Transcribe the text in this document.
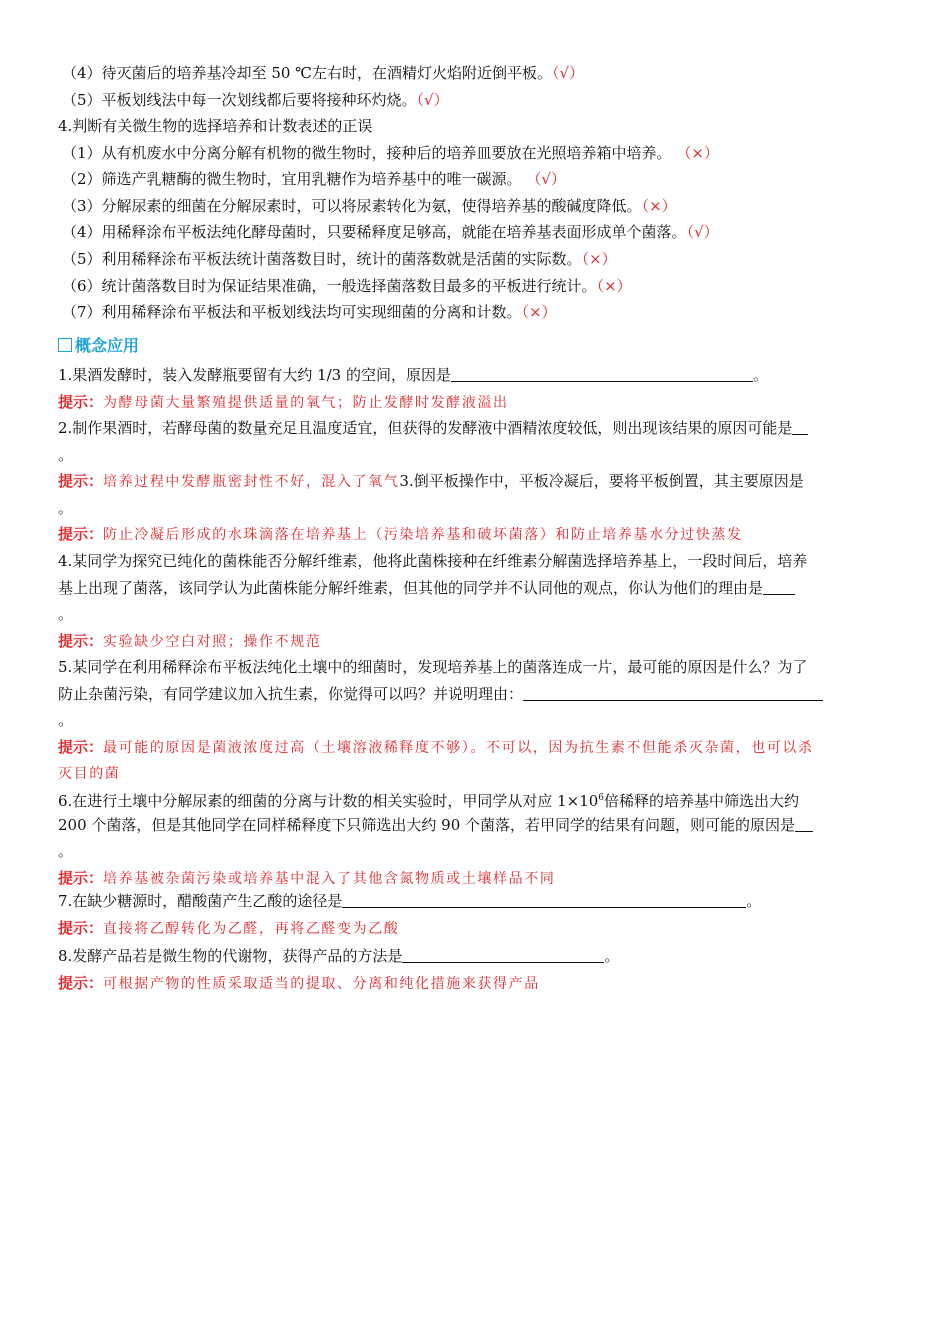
（4）待灭菌后的培养基冷却至 50 ℃左右时，在酒精灯火焰附近倒平板。（√）
（5）平板划线法中每一次划线都后要将接种环灼烧。（√）
4.判断有关微生物的选择培养和计数表述的正误
（1）从有机废水中分离分解有机物的微生物时，接种后的培养皿要放在光照培养箱中培养。 （×）
（2）筛选产乳糖酶的微生物时，宜用乳糖作为培养基中的唯一碳源。 （√）
（3）分解尿素的细菌在分解尿素时，可以将尿素转化为氨，使得培养基的酸碱度降低。（×）
（4）用稀释涂布平板法纯化酵母菌时，只要稀释度足够高，就能在培养基表面形成单个菌落。（√）
（5）利用稀释涂布平板法统计菌落数目时，统计的菌落数就是活菌的实际数。（×）
（6）统计菌落数目时为保证结果准确，一般选择菌落数目最多的平板进行统计。（×）
（7）利用稀释涂布平板法和平板划线法均可实现细菌的分离和计数。（×）
概念应用
1.果酒发酵时，装入发酵瓶要留有大约 1/3 的空间，原因是	。
提示：为酵母菌大量繁殖提供适量的氧气；防止发酵时发酵液溢出
2.制作果酒时，若酵母菌的数量充足且温度适宜，但获得的发酵液中酒精浓度较低，则出现该结果的原因可能是
。
提示：培养过程中发酵瓶密封性不好，混入了氧气3.倒平板操作中，平板冷凝后，要将平板倒置，其主要原因是
。
提示：防止冷凝后形成的水珠滴落在培养基上（污染培养基和破坏菌落）和防止培养基水分过快蒸发
4.某同学为探究已纯化的菌株能否分解纤维素，他将此菌株接种在纤维素分解菌选择培养基上，一段时间后，培养
基上出现了菌落，该同学认为此菌株能分解纤维素，但其他的同学并不认同他的观点，你认为他们的理由是
。
提示：实验缺少空白对照；操作不规范
5.某同学在利用稀释涂布平板法纯化土壤中的细菌时，发现培养基上的菌落连成一片，最可能的原因是什么？为了
防止杂菌污染，有同学建议加入抗生素，你觉得可以吗？并说明理由：
。
提示：最可能的原因是菌液浓度过高（土壤溶液稀释度不够）。不可以，因为抗生素不但能杀灭杂菌，也可以杀
灭目的菌
6.在进行土壤中分解尿素的细菌的分离与计数的相关实验时，甲同学从对应 $1\times 10^6$倍稀释的培养基中筛选出大约
200 个菌落，但是其他同学在同样稀释度下只筛选出大约 90 个菌落，若甲同学的结果有问题，则可能的原因是
。
提示：培养基被杂菌污染或培养基中混入了其他含氮物质或土壤样品不同
7.在缺少糖源时，醋酸菌产生乙酸的途径是	。
提示：直接将乙醇转化为乙醛，再将乙醛变为乙酸
8.发酵产品若是微生物的代谢物，获得产品的方法是	。
提示：可根据产物的性质采取适当的提取、分离和纯化措施来获得产品
